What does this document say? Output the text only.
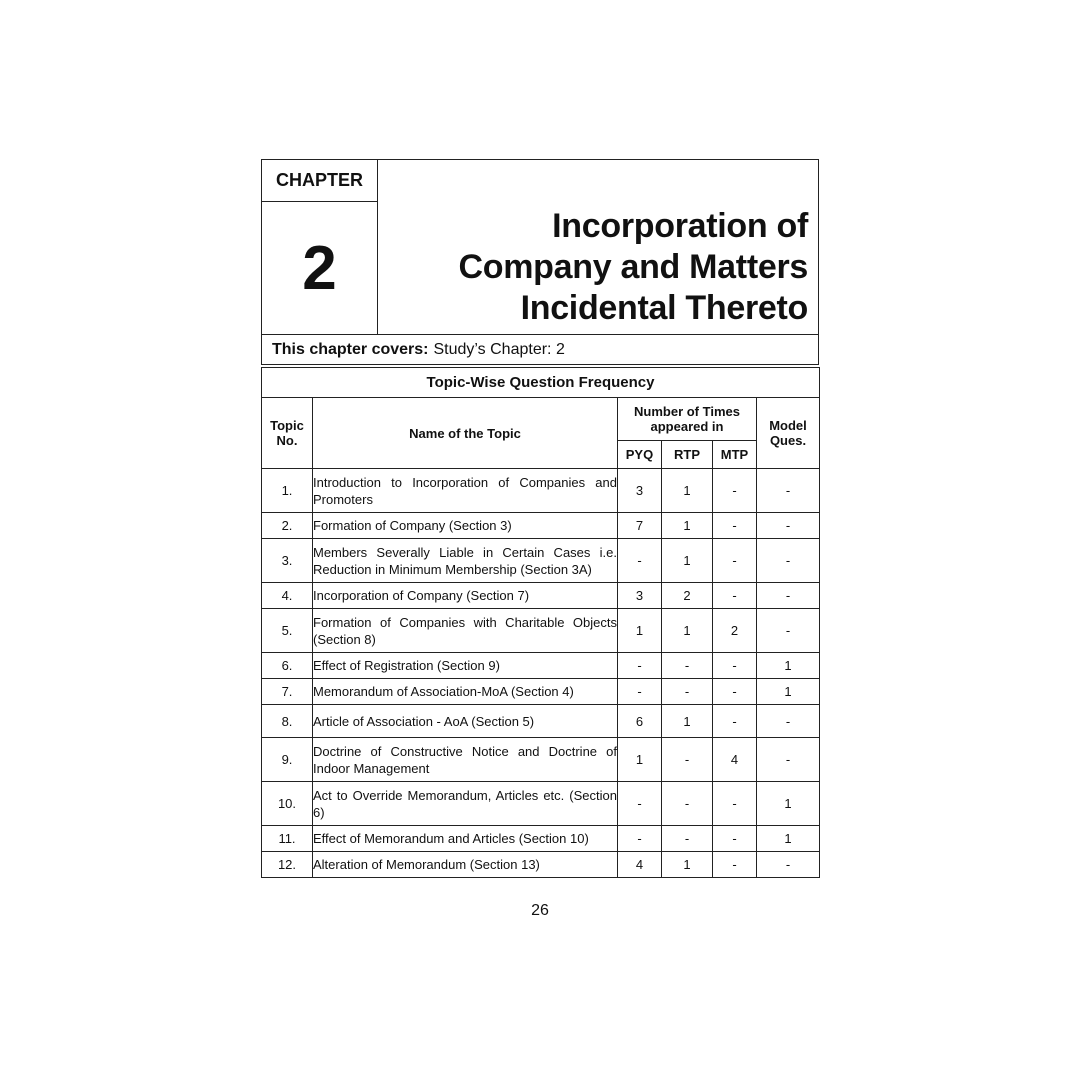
CHAPTER
2
Incorporation of
Company and Matters
Incidental Thereto
This chapter covers: Study’s Chapter: 2
Topic-Wise Question Frequency					
Topic No.	Name of the Topic	Number of Times appeared in			Model Ques.
		PYQ	RTP	MTP	
1.	Introduction to Incorporation of Companies and Promoters	3	1	-	-
2.	Formation of Company (Section 3)	7	1	-	-
3.	Members Severally Liable in Certain Cases i.e. Reduction in Minimum Membership (Section 3A)	-	1	-	-
4.	Incorporation of Company (Section 7)	3	2	-	-
5.	Formation of Companies with Charitable Objects (Section 8)	1	1	2	-
6.	Effect of Registration (Section 9)	-	-	-	1
7.	Memorandum of Association-MoA (Section 4)	-	-	-	1
8.	Article of Association - AoA (Section 5)	6	1	-	-
9.	Doctrine of Constructive Notice and Doctrine of Indoor Management	1	-	4	-
10.	Act to Override Memorandum, Articles etc. (Section 6)	-	-	-	1
11.	Effect of Memorandum and Articles (Section 10)	-	-	-	1
12.	Alteration of Memorandum (Section 13)	4	1	-	-
26
